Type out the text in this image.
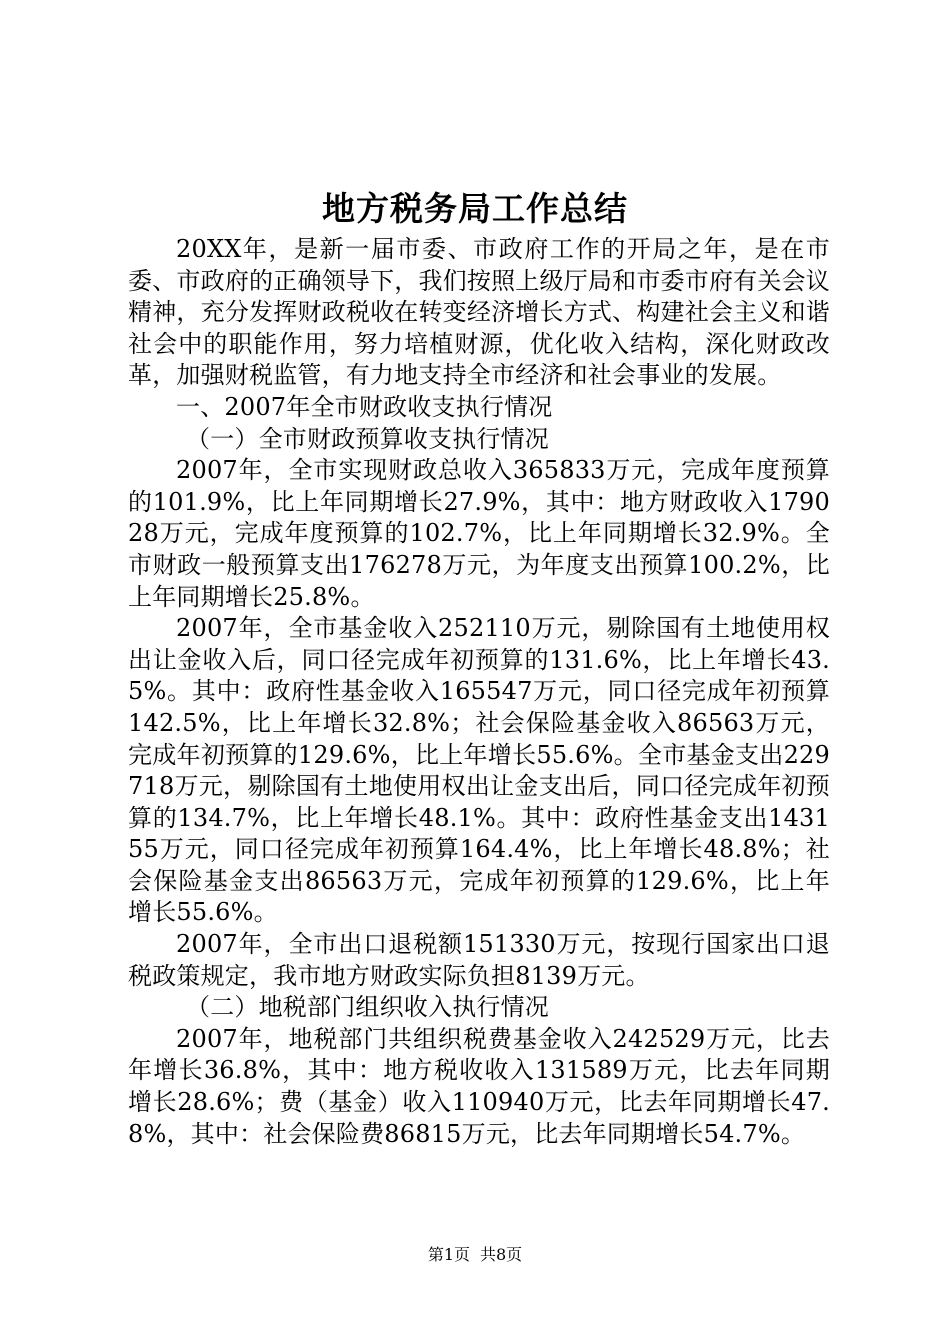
地方税务局工作总结

20XX年，是新一届市委、市政府工作的开局之年，是在市委、市政府的正确领导下，我们按照上级厅局和市委市府有关会议精神，充分发挥财政税收在转变经济增长方式、构建社会主义和谐社会中的职能作用，努力培植财源，优化收入结构，深化财政改革，加强财税监管，有力地支持全市经济和社会事业的发展。

一、2007年全市财政收支执行情况

（一）全市财政预算收支执行情况

2007年，全市实现财政总收入365833万元，完成年度预算的101.9%，比上年同期增长27.9%，其中：地方财政收入179028万元，完成年度预算的102.7%，比上年同期增长32.9%。全市财政一般预算支出176278万元，为年度支出预算100.2%，比上年同期增长25.8%。

2007年，全市基金收入252110万元，剔除国有土地使用权出让金收入后，同口径完成年初预算的131.6%，比上年增长43.5%。其中：政府性基金收入165547万元，同口径完成年初预算142.5%，比上年增长32.8%；社会保险基金收入86563万元，完成年初预算的129.6%，比上年增长55.6%。全市基金支出229718万元，剔除国有土地使用权出让金支出后，同口径完成年初预算的134.7%，比上年增长48.1%。其中：政府性基金支出143155万元，同口径完成年初预算164.4%，比上年增长48.8%；社会保险基金支出86563万元，完成年初预算的129.6%，比上年增长55.6%。

2007年，全市出口退税额151330万元，按现行国家出口退税政策规定，我市地方财政实际负担8139万元。

（二）地税部门组织收入执行情况

2007年，地税部门共组织税费基金收入242529万元，比去年增长36.8%，其中：地方税收收入131589万元，比去年同期增长28.6%；费（基金）收入110940万元，比去年同期增长47.8%，其中：社会保险费86815万元，比去年同期增长54.7%。

第1页 共8页
